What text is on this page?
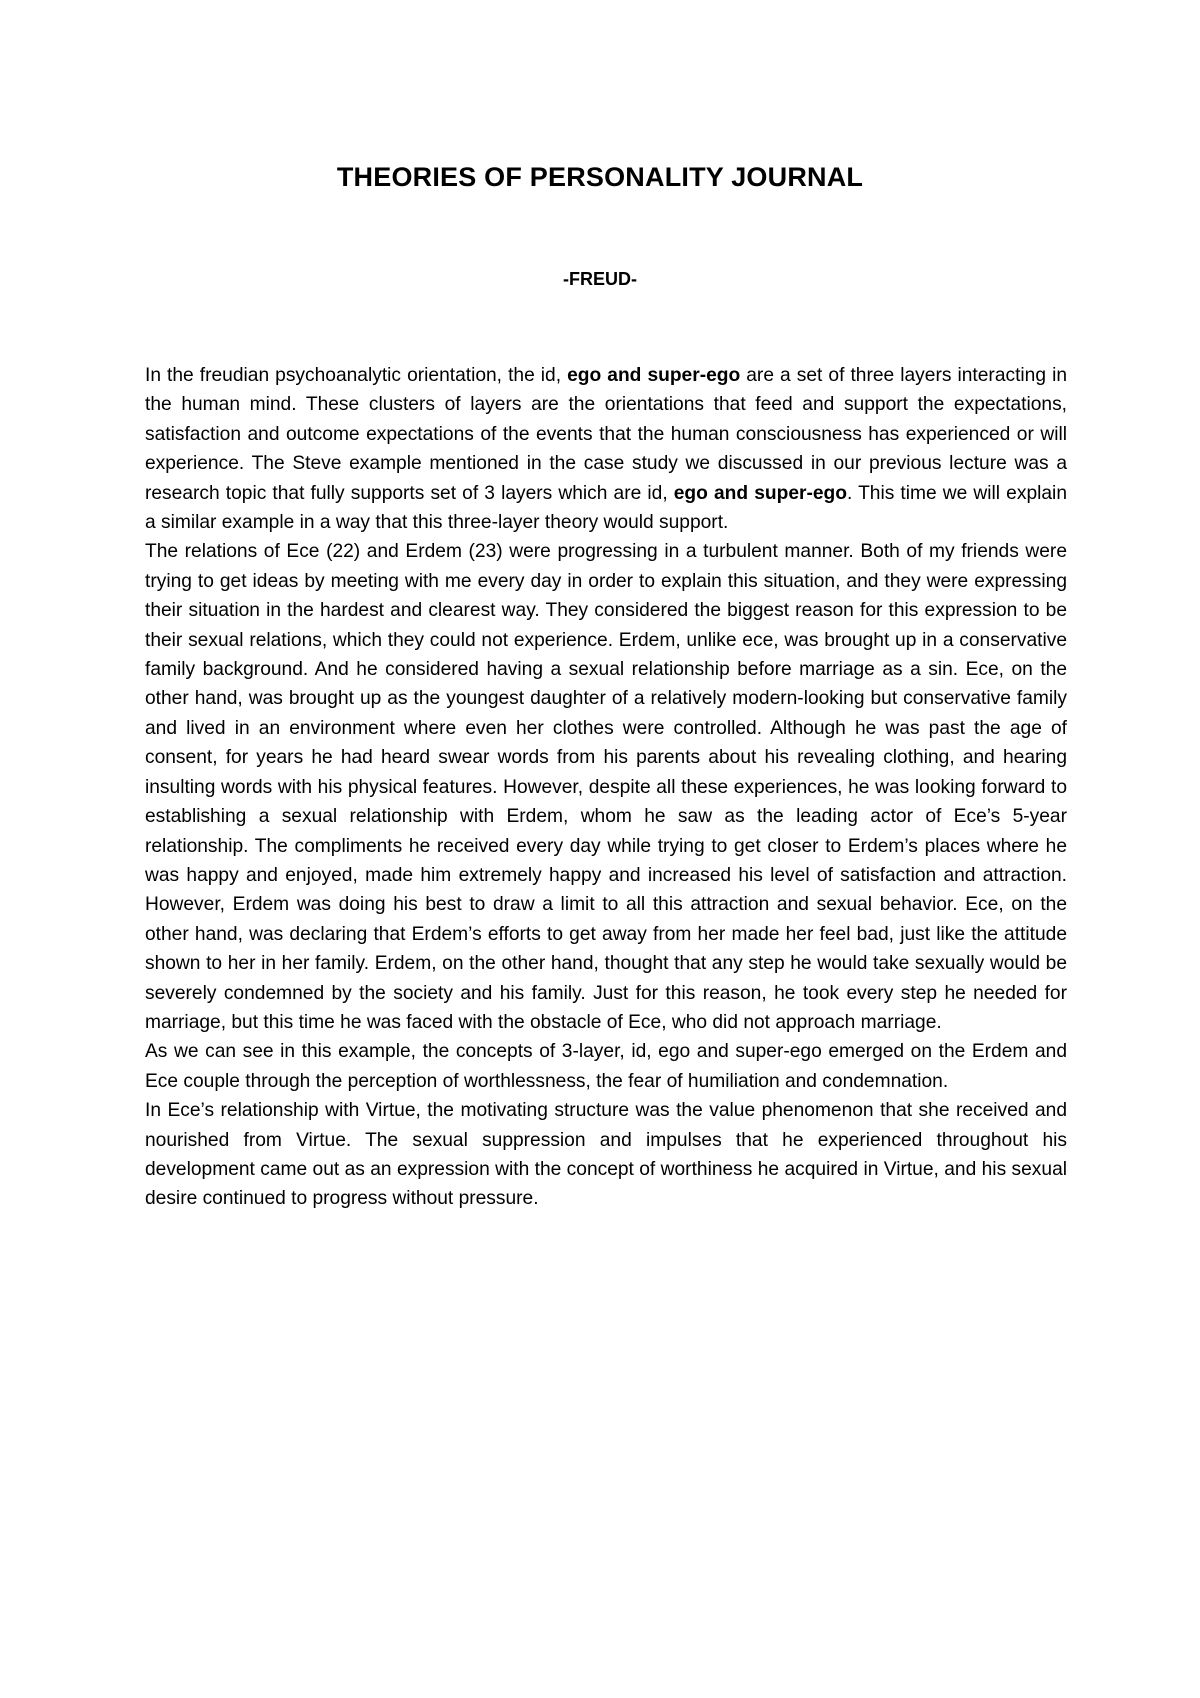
THEORIES OF PERSONALITY JOURNAL
-FREUD-

In the freudian psychoanalytic orientation, the id, ego and super-ego are a set of three layers interacting in the human mind. These clusters of layers are the orientations that feed and support the expectations, satisfaction and outcome expectations of the events that the human consciousness has experienced or will experience. The Steve example mentioned in the case study we discussed in our previous lecture was a research topic that fully supports set of 3 layers which are id, ego and super-ego. This time we will explain a similar example in a way that this three-layer theory would support.

The relations of Ece (22) and Erdem (23) were progressing in a turbulent manner. Both of my friends were trying to get ideas by meeting with me every day in order to explain this situation, and they were expressing their situation in the hardest and clearest way. They considered the biggest reason for this expression to be their sexual relations, which they could not experience. Erdem, unlike ece, was brought up in a conservative family background. And he considered having a sexual relationship before marriage as a sin. Ece, on the other hand, was brought up as the youngest daughter of a relatively modern-looking but conservative family and lived in an environment where even her clothes were controlled. Although he was past the age of consent, for years he had heard swear words from his parents about his revealing clothing, and hearing insulting words with his physical features. However, despite all these experiences, he was looking forward to establishing a sexual relationship with Erdem, whom he saw as the leading actor of Ece’s 5-year relationship. The compliments he received every day while trying to get closer to Erdem’s places where he was happy and enjoyed, made him extremely happy and increased his level of satisfaction and attraction. However, Erdem was doing his best to draw a limit to all this attraction and sexual behavior. Ece, on the other hand, was declaring that Erdem’s efforts to get away from her made her feel bad, just like the attitude shown to her in her family. Erdem, on the other hand, thought that any step he would take sexually would be severely condemned by the society and his family. Just for this reason, he took every step he needed for marriage, but this time he was faced with the obstacle of Ece, who did not approach marriage.

As we can see in this example, the concepts of 3-layer, id, ego and super-ego emerged on the Erdem and Ece couple through the perception of worthlessness, the fear of humiliation and condemnation.

In Ece’s relationship with Virtue, the motivating structure was the value phenomenon that she received and nourished from Virtue. The sexual suppression and impulses that he experienced throughout his development came out as an expression with the concept of worthiness he acquired in Virtue, and his sexual desire continued to progress without pressure.
